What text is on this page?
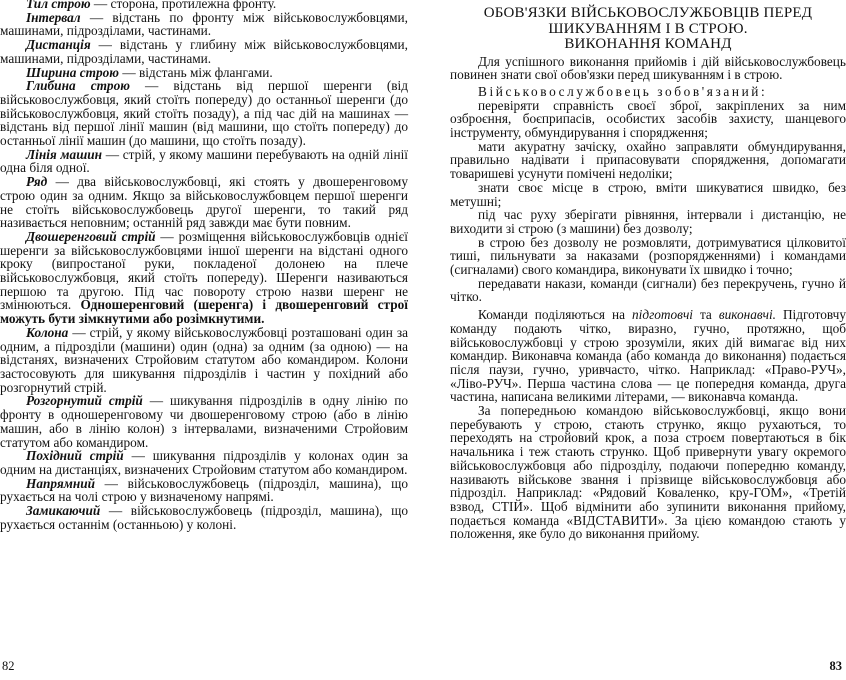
Тил строю — сторона, протилежна фронту.
Інтервал — відстань по фронту між військовослужбовцями, машинами, підрозділами, частинами.
Дистанція — відстань у глибину між військовослужбовцями, машинами, підрозділами, частинами.
Ширина строю — відстань між флангами.
Глибина строю — відстань від першої шеренги (від військовослужбовця, який стоїть попереду) до останньої шеренги (до військовослужбовця, який стоїть позаду), а під час дій на машинах — відстань від першої лінії машин (від машини, що стоїть попереду) до останньої лінії машин (до машини, що стоїть позаду).
Лінія машин — стрій, у якому машини перебувають на одній лінії одна біля одної.
Ряд — два військовослужбовці, які стоять у двошеренговому строю один за одним. Якщо за військовослужбовцем першої шеренги не стоїть військовослужбовець другої шеренги, то такий ряд називається неповним; останній ряд завжди має бути повним.
Двошеренговий стрій — розміщення військовослужбовців однієї шеренги за військовослужбовцями іншої шеренги на відстані одного кроку (випростаної руки, покладеної долонею на плече військовослужбовця, який стоїть попереду). Шеренги називаються першою та другою. Під час повороту строю назви шеренг не змінюються. Одношеренговий (шеренга) і двошеренговий строї можуть бути зімкнутими або розімкнутими.
Колона — стрій, у якому військовослужбовці розташовані один за одним, а підрозділи (машини) один (одна) за одним (за одною) — на відстанях, визначених Стройовим статутом або командиром. Колони застосовують для шикування підрозділів і частин у похідний або розгорнутий стрій.
Розгорнутий стрій — шикування підрозділів в одну лінію по фронту в одношеренговому чи двошеренговому строю (або в лінію машин, або в лінію колон) з інтервалами, визначеними Стройовим статутом або командиром.
Похідний стрій — шикування підрозділів у колонах один за одним на дистанціях, визначених Стройовим статутом або командиром.
Напрямний — військовослужбовець (підрозділ, машина), що рухається на чолі строю у визначеному напрямі.
Замикаючий — військовослужбовець (підрозділ, машина), що рухається останнім (останньою) у колоні.
82
ОБОВ'ЯЗКИ ВІЙСЬКОВОСЛУЖБОВЦІВ ПЕРЕД
ШИКУВАННЯМ І В СТРОЮ.
ВИКОНАННЯ КОМАНД

Для успішного виконання прийомів і дій військовослужбовець повинен знати свої обов'язки перед шикуванням і в строю.

Військовослужбовець зобов'язаний:

перевіряти справність своєї зброї, закріплених за ним озброєння, боєприпасів, особистих засобів захисту, шанцевого інструменту, обмундирування і спорядження;

мати акуратну зачіску, охайно заправляти обмундирування, правильно надівати і припасовувати спорядження, допомагати товаришеві усунути помічені недоліки;

знати своє місце в строю, вміти шикуватися швидко, без метушні;

під час руху зберігати рівняння, інтервали і дистанцію, не виходити зі строю (з машини) без дозволу;

в строю без дозволу не розмовляти, дотримуватися цілковитої тиші, пильнувати за наказами (розпорядженнями) і командами (сигналами) свого командира, виконувати їх швидко і точно;

передавати накази, команди (сигнали) без перекручень, гучно й чітко.

Команди поділяються на підготовчі та виконавчі. Підготовчу команду подають чітко, виразно, гучно, протяжно, щоб військовослужбовці у строю зрозуміли, яких дій вимагає від них командир. Виконавча команда (або команда до виконання) подається після паузи, гучно, уривчасто, чітко. Наприклад: «Право-РУЧ», «Ліво-РУЧ». Перша частина слова — це попередня команда, друга частина, написана великими літерами, — виконавча команда.

За попередньою командою військовослужбовці, якщо вони перебувають у строю, стають струнко, якщо рухаються, то переходять на стройовий крок, а поза строєм повертаються в бік начальника і теж стають струнко. Щоб привернути увагу окремого військовослужбовця або підрозділу, подаючи попередню команду, називають військове звання і прізвище військовослужбовця або підрозділ. Наприклад: «Рядовий Коваленко, кру-ГОМ», «Третій взвод, СТІЙ». Щоб відмінити або зупинити виконання прийому, подається команда «ВІДСТАВИТИ». За цією командою стають у положення, яке було до виконання прийому.

83
